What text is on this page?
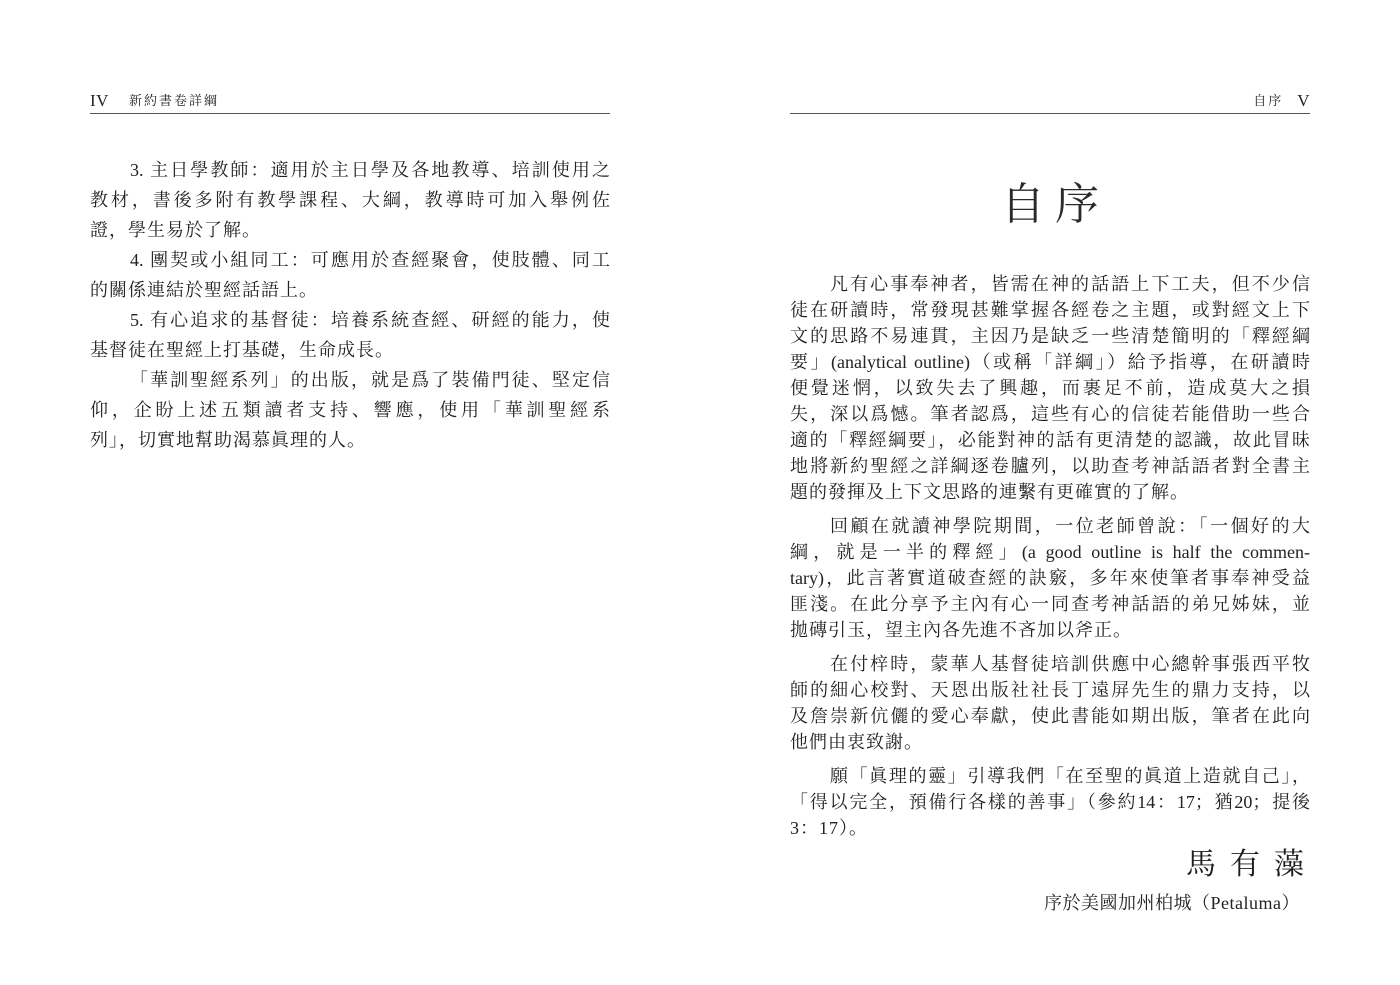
IV 新約書卷詳綱

3. 主日學教師：適用於主日學及各地教導、培訓使用之
教材，書後多附有教學課程、大綱，教導時可加入舉例佐
證，學生易於了解。

4. 團契或小組同工：可應用於查經聚會，使肢體、同工
的關係連結於聖經話語上。

5. 有心追求的基督徒：培養系統查經、研經的能力，使
基督徒在聖經上打基礎，生命成長。

「華訓聖經系列」的出版，就是爲了裝備門徒、堅定信
仰，企盼上述五類讀者支持、響應，使用「華訓聖經系
列」，切實地幫助渴慕眞理的人。

自序 V
自序

凡有心事奉神者，皆需在神的話語上下工夫，但不少信
徒在研讀時，常發現甚難掌握各經卷之主題，或對經文上下
文的思路不易連貫，主因乃是缺乏一些清楚簡明的「釋經綱
要」(analytical outline)（或稱「詳綱」）給予指導，在研讀時
便覺迷惘，以致失去了興趣，而裹足不前，造成莫大之損
失，深以爲憾。筆者認爲，這些有心的信徒若能借助一些合
適的「釋經綱要」，必能對神的話有更清楚的認識，故此冒昧
地將新約聖經之詳綱逐卷臚列，以助查考神話語者對全書主
題的發揮及上下文思路的連繫有更確實的了解。

回顧在就讀神學院期間，一位老師曾說：「一個好的大
綱，就是一半的釋經」(a good outline is half the commen-
tary)，此言著實道破查經的訣竅，多年來使筆者事奉神受益
匪淺。在此分享予主內有心一同查考神話語的弟兄姊妹，並
拋磚引玉，望主內各先進不吝加以斧正。

在付梓時，蒙華人基督徒培訓供應中心總幹事張西平牧
師的細心校對、天恩出版社社長丁遠屏先生的鼎力支持，以
及詹崇新伉儷的愛心奉獻，使此書能如期出版，筆者在此向
他們由衷致謝。

願「眞理的靈」引導我們「在至聖的眞道上造就自己」，
「得以完全，預備行各樣的善事」（參約14：17；猶20；提後
3：17）。

馬有藻
序於美國加州柏城（Petaluma）
